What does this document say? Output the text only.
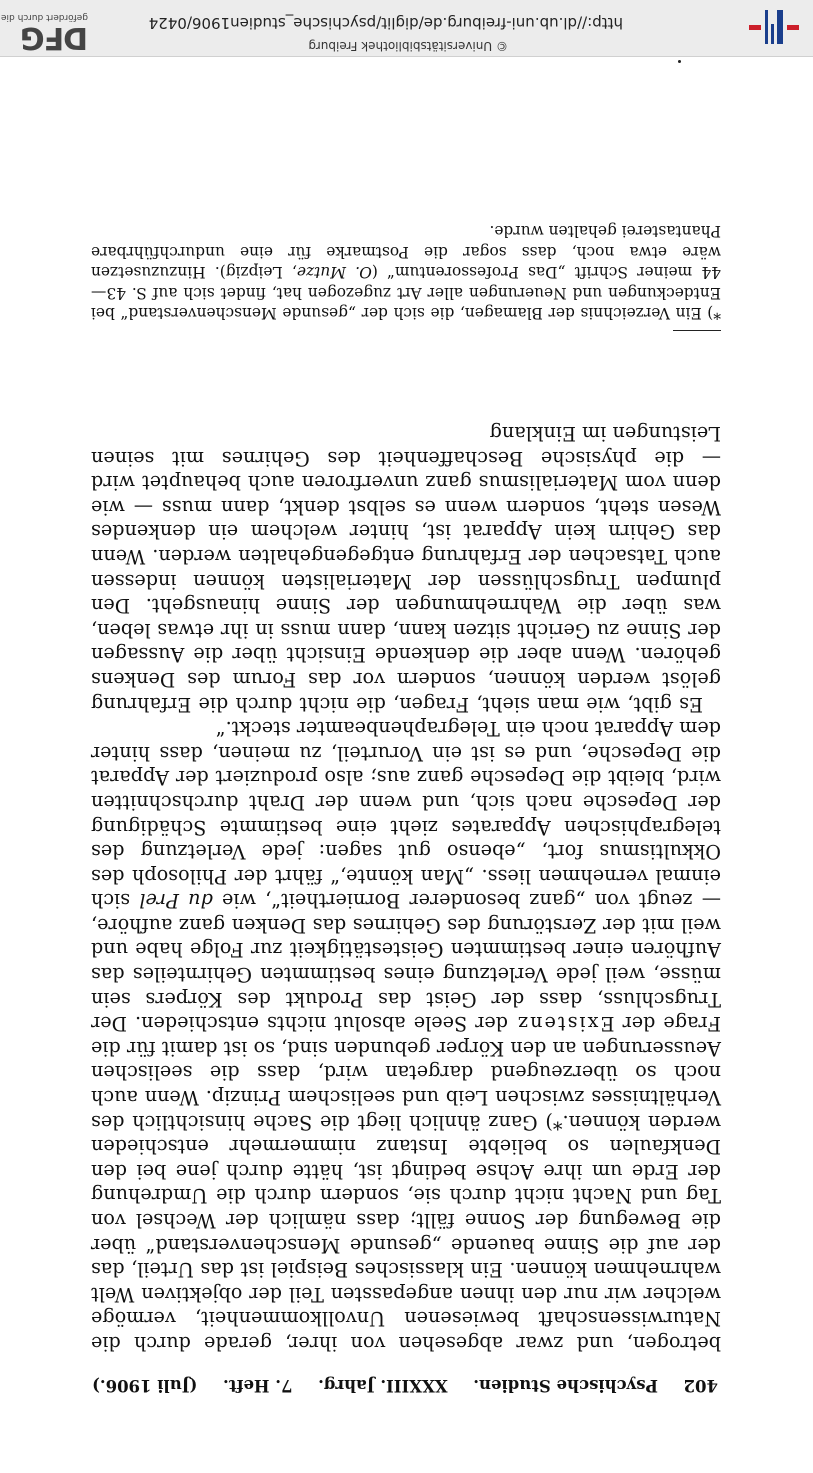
402
Psychische Studien.
XXXIII. Jahrg.
7. Heft.
(Juli 1906.)

betrogen, und zwar abgesehen von ihrer, gerade durch die Naturwissenschaft bewiesenen Unvollkommenheit, vermöge welcher wir nur den ihnen angepassten Teil der objektiven Welt wahrnehmen können. Ein klassisches Beispiel ist das Urteil, das der auf die Sinne bauende „gesunde Menschenverstand“ über die Bewegung der Sonne fällt; dass nämlich der Wechsel von Tag und Nacht nicht durch sie, sondern durch die Umdrehung der Erde um ihre Achse bedingt ist, hätte durch jene bei den Denkfaulen so beliebte Instanz nimmermehr entschieden werden können.*) Ganz ähnlich liegt die Sache hinsichtlich des Verhältnisses zwischen Leib und seelischem Prinzip. Wenn auch noch so überzeugend dargetan wird, dass die seelischen Aeusserungen an den Körper gebunden sind, so ist damit für die Frage der Existenz der Seele absolut nichts entschieden. Der Trugschluss, dass der Geist das Produkt des Körpers sein müsse, weil jede Verletzung eines bestimmten Gehirnteiles das Aufhören einer bestimmten Geistestätigkeit zur Folge habe und weil mit der Zerstörung des Gehirnes das Denken ganz aufhöre, — zeugt von „ganz besonderer Borniertheit“, wie du Prel sich einmal vernehmen liess. „Man könnte,“ fährt der Philosoph des Okkultismus fort, „ebenso gut sagen: jede Verletzung des telegraphischen Apparates zieht eine bestimmte Schädigung der Depesche nach sich, und wenn der Draht durchschnitten wird, bleibt die Depesche ganz aus; also produziert der Apparat die Depesche, und es ist ein Vorurteil, zu meinen, dass hinter dem Apparat noch ein Telegraphenbeamter steckt.“

Es gibt, wie man sieht, Fragen, die nicht durch die Erfahrung gelöst werden können, sondern vor das Forum des Denkens gehören. Wenn aber die denkende Einsicht über die Aussagen der Sinne zu Gericht sitzen kann, dann muss in ihr etwas leben, was über die Wahrnehmungen der Sinne hinausgeht. Den plumpen Trugschlüssen der Materialisten können indessen auch Tatsachen der Erfahrung entgegengehalten werden. Wenn das Gehirn kein Apparat ist, hinter welchem ein denkendes Wesen steht, sondern wenn es selbst denkt, dann muss — wie denn vom Materialismus ganz unverfroren auch behauptet wird — die physische Beschaffenheit des Gehirnes mit seinen Leistungen im Einklang

*) Ein Verzeichnis der Blamagen, die sich der „gesunde Menschenverstand“ bei Entdeckungen und Neuerungen aller Art zugezogen hat, findet sich auf S. 43—44 meiner Schrift „Das Professorentum“ (O. Mutze, Leipzig). Hinzuzusetzen wäre etwa noch, dass sogar die Postmarke für eine undurchführbare Phantasterei gehalten wurde.

http://dl.ub.uni-freiburg.de/diglit/psychische_studien1906/0424
© Universitätsbibliothek Freiburg
DFG
gefördert durch die
